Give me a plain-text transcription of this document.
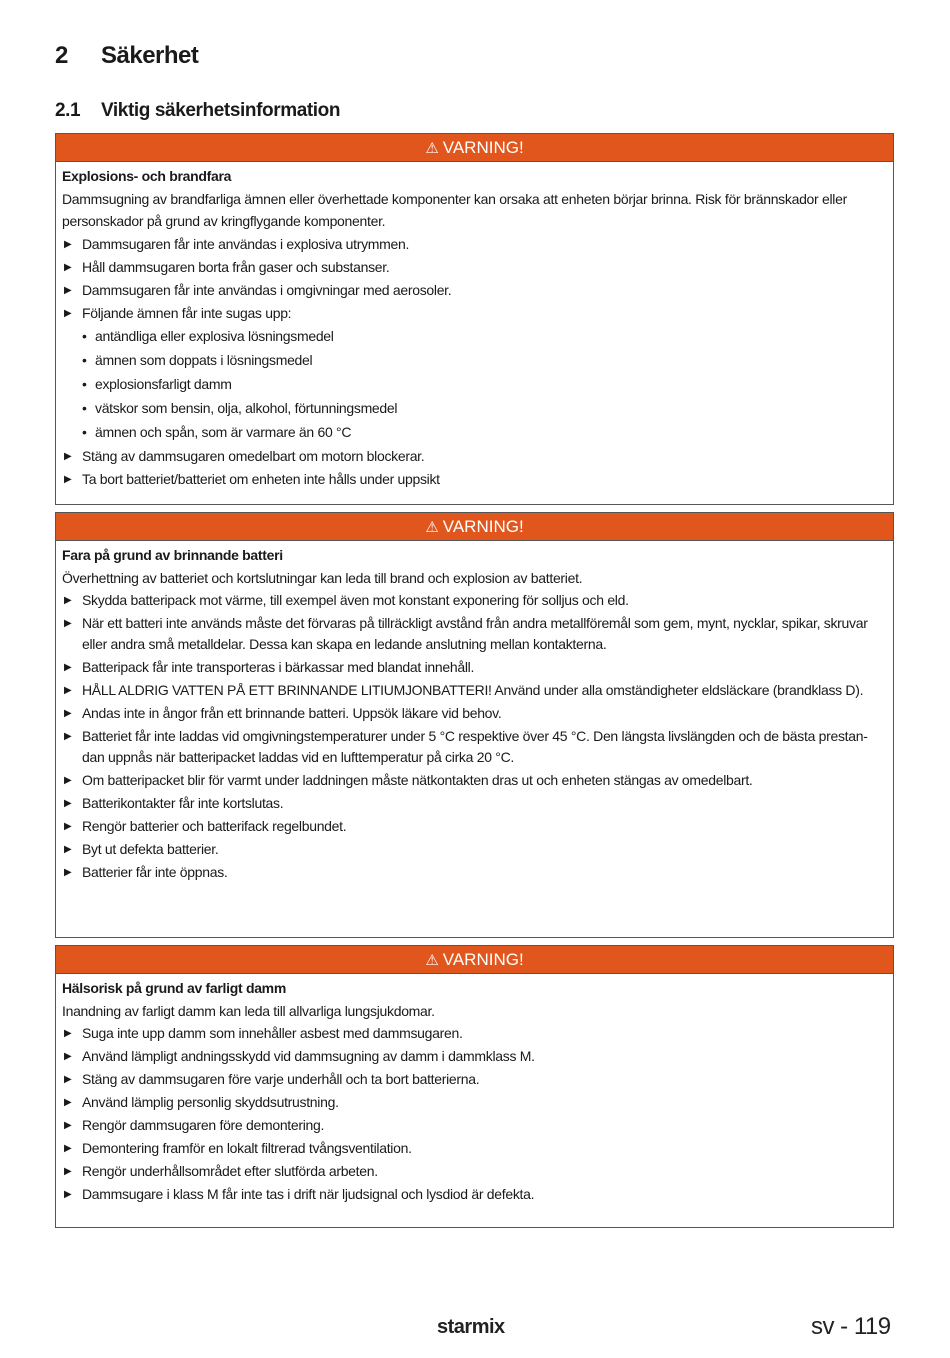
2 Säkerhet
2.1 Viktig säkerhetsinformation
⚠ VARNING!
Explosions- och brandfara
Dammsugning av brandfarliga ämnen eller överhettade komponenter kan orsaka att enheten börjar brinna. Risk för brännskador eller personskador på grund av kringflygande komponenter.
▶ Dammsugaren får inte användas i explosiva utrymmen.
▶ Håll dammsugaren borta från gaser och substanser.
▶ Dammsugaren får inte användas i omgivningar med aerosoler.
▶ Följande ämnen får inte sugas upp:
• antändliga eller explosiva lösningsmedel
• ämnen som doppats i lösningsmedel
• explosionsfarligt damm
• vätskor som bensin, olja, alkohol, förtunningsmedel
• ämnen och spån, som är varmare än 60 °C
▶ Stäng av dammsugaren omedelbart om motorn blockerar.
▶ Ta bort batteriet/batteriet om enheten inte hålls under uppsikt
⚠ VARNING!
Fara på grund av brinnande batteri
Överhettning av batteriet och kortslutningar kan leda till brand och explosion av batteriet.
▶ Skydda batteripack mot värme, till exempel även mot konstant exponering för solljus och eld.
▶ När ett batteri inte används måste det förvaras på tillräckligt avstånd från andra metallföremål som gem, mynt, nycklar, spikar, skruvar eller andra små metalldelar. Dessa kan skapa en ledande anslutning mellan kontakterna.
▶ Batteripack får inte transporteras i bärkassar med blandat innehåll.
▶ HÅLL ALDRIG VATTEN PÅ ETT BRINNANDE LITIUMJONBATTERI! Använd under alla omständigheter eldsläckare (brandklass D).
▶ Andas inte in ångor från ett brinnande batteri. Uppsök läkare vid behov.
▶ Batteriet får inte laddas vid omgivningstemperaturer under 5 °C respektive över 45 °C. Den längsta livslängden och de bästa prestan-dan uppnås när batteripacket laddas vid en lufttemperatur på cirka 20 °C.
▶ Om batteripacket blir för varmt under laddningen måste nätkontakten dras ut och enheten stängas av omedelbart.
▶ Batterikontakter får inte kortslutas.
▶ Rengör batterier och batterifack regelbundet.
▶ Byt ut defekta batterier.
▶ Batterier får inte öppnas.
⚠ VARNING!
Hälsorisk på grund av farligt damm
Inandning av farligt damm kan leda till allvarliga lungsjukdomar.
▶ Suga inte upp damm som innehåller asbest med dammsugaren.
▶ Använd lämpligt andningsskydd vid dammsugning av damm i dammklass M.
▶ Stäng av dammsugaren före varje underhåll och ta bort batterierna.
▶ Använd lämplig personlig skyddsutrustning.
▶ Rengör dammsugaren före demontering.
▶ Demontering framför en lokalt filtrerad tvångsventilation.
▶ Rengör underhållsområdet efter slutförda arbeten.
▶ Dammsugare i klass M får inte tas i drift när ljudsignal och lysdiod är defekta.
starmix	sv - 119
